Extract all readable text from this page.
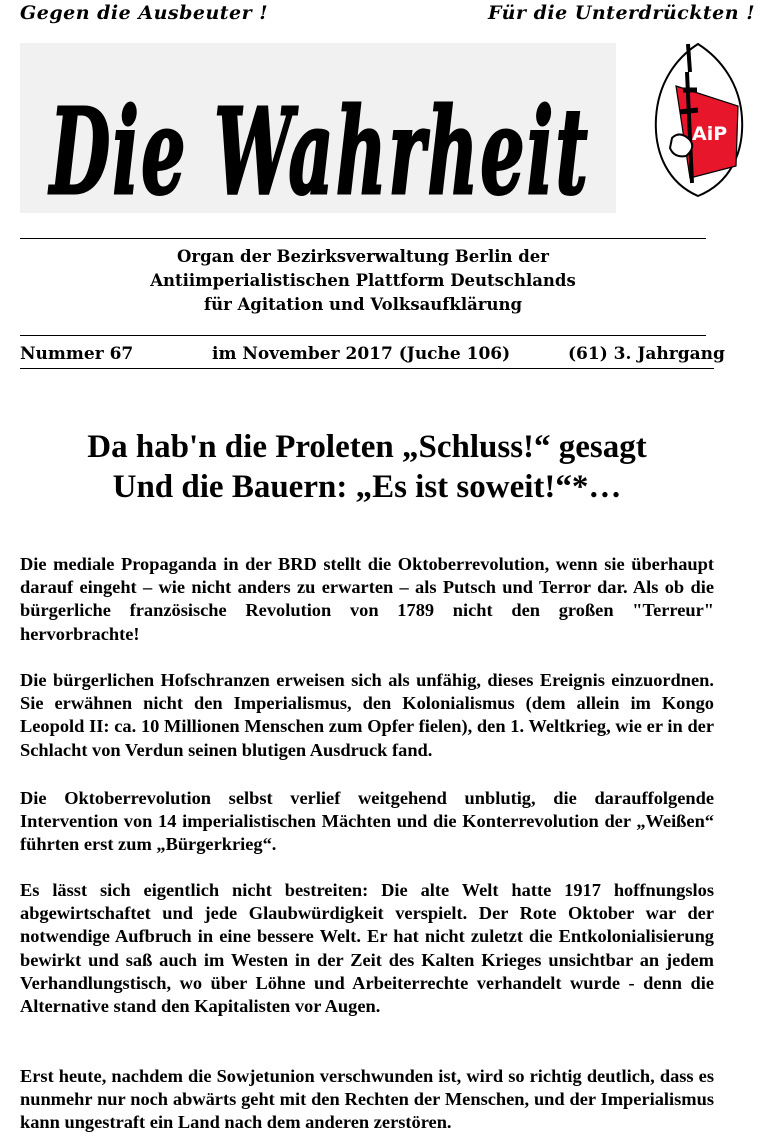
Gegen die Ausbeuter !	Für die Unterdrückten !
Die Wahrheit	AiP
Organ der Bezirksverwaltung Berlin der
Antiimperialistischen Plattform Deutschlands
für Agitation und Volksaufklärung
Nummer 67	im November 2017 (Juche 106)	(61) 3. Jahrgang
Da hab'n die Proleten „Schluss!“ gesagt
Und die Bauern: „Es ist soweit!“*…

Die mediale Propaganda in der BRD stellt die Oktoberrevolution, wenn sie überhaupt darauf eingeht – wie nicht anders zu erwarten – als Putsch und Terror dar. Als ob die bürgerliche französische Revolution von 1789 nicht den großen "Terreur" hervorbrachte!

Die bürgerlichen Hofschranzen erweisen sich als unfähig, dieses Ereignis einzuordnen. Sie erwähnen nicht den Imperialismus, den Kolonialismus (dem allein im Kongo Leopold II: ca. 10 Millionen Menschen zum Opfer fielen), den 1. Weltkrieg, wie er in der Schlacht von Verdun seinen blutigen Ausdruck fand.

Die Oktoberrevolution selbst verlief weitgehend unblutig, die darauffolgende Intervention von 14 imperialistischen Mächten und die Konterrevolution der „Weißen“ führten erst zum „Bürgerkrieg“.

Es lässt sich eigentlich nicht bestreiten: Die alte Welt hatte 1917 hoffnungslos abgewirtschaftet und jede Glaubwürdigkeit verspielt. Der Rote Oktober war der notwendige Aufbruch in eine bessere Welt. Er hat nicht zuletzt die Entkolonialisierung bewirkt und saß auch im Westen in der Zeit des Kalten Krieges unsichtbar an jedem Verhandlungstisch, wo über Löhne und Arbeiterrechte verhandelt wurde - denn die Alternative stand den Kapitalisten vor Augen.

Erst heute, nachdem die Sowjetunion verschwunden ist, wird so richtig deutlich, dass es nunmehr nur noch abwärts geht mit den Rechten der Menschen, und der Imperialismus kann ungestraft ein Land nach dem anderen zerstören.
